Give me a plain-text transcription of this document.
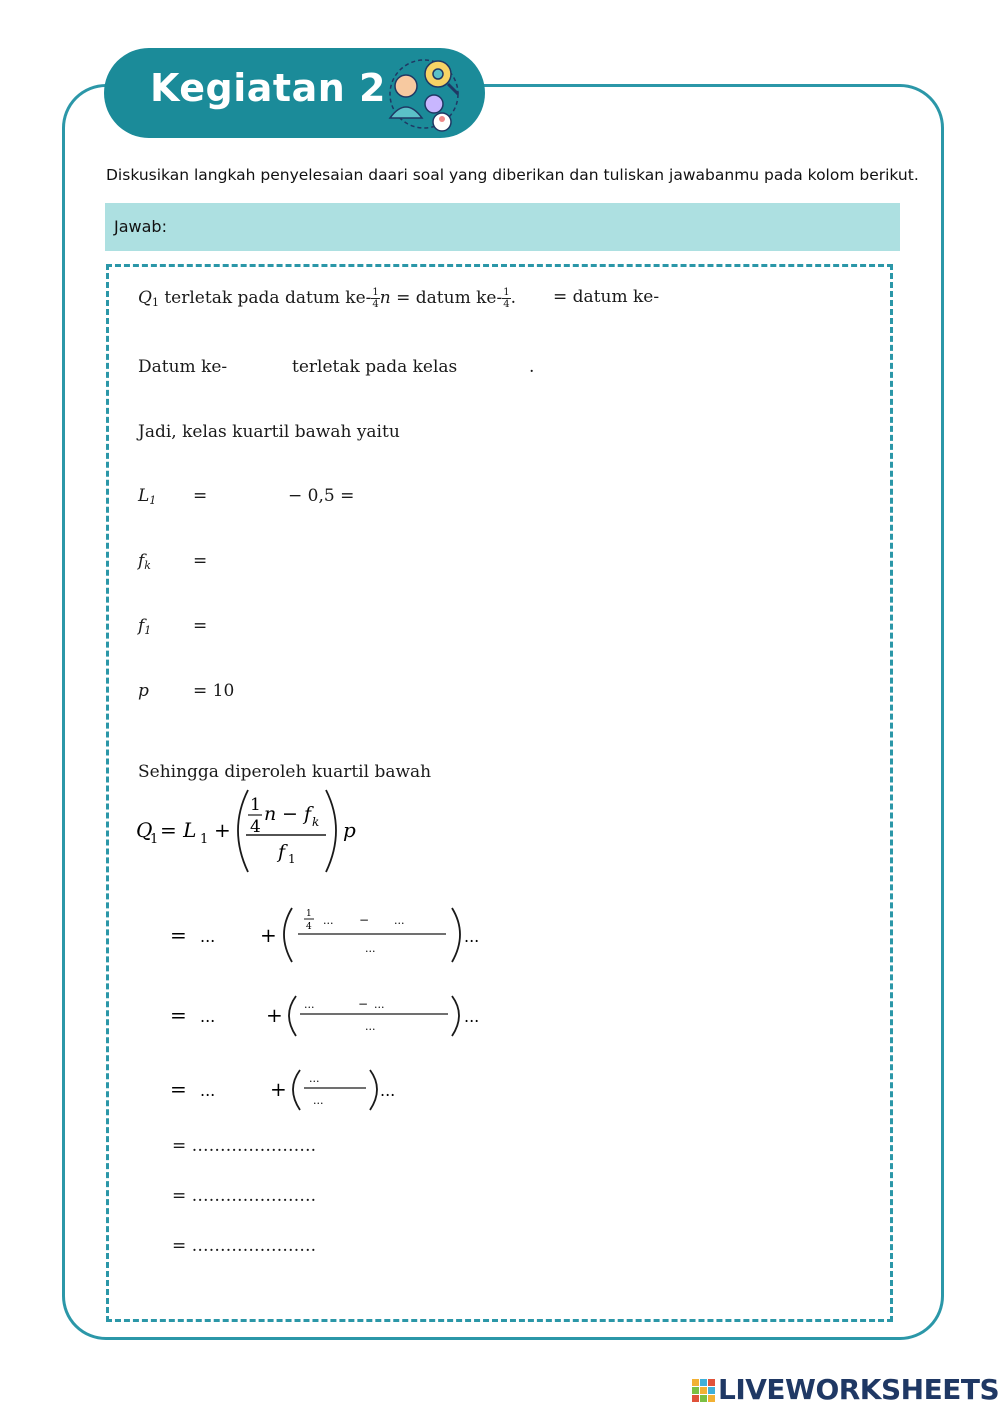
Kegiatan 2
Diskusikan langkah penyelesaian daari soal yang diberikan dan tuliskan jawabanmu pada kolom berikut.
Jawab:
$Q_1$ terletak pada datum $ke- \frac{1}{4}$ n = datum $ke- \frac{1}{4}$ . = datum ke-
Datum ke-	terletak pada kelas	.
Jadi, kelas kuartil bawah yaitu
$L_1$ =	− 0,5 =
$f_k$ =
$f_1$ =
p	= 10
Sehingga diperoleh kuartil bawah
Q
1 = L 1 +
1
4
n − f k
f 1
p
= ... +
1
4 ... − ...
...
...
= ...	+ ...	− ...
...
...
= ...	+ ...
...
...
= ………………….
= ………………….
= ………………….
LIVEWORKSHEETS
